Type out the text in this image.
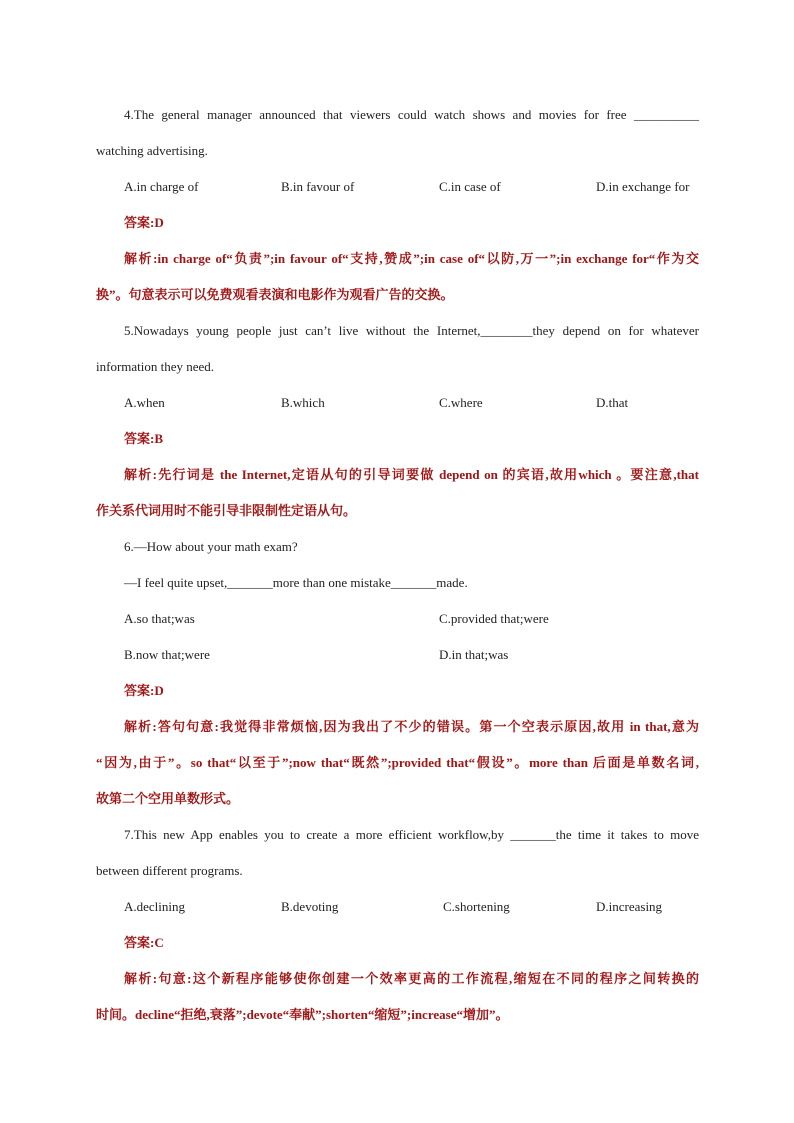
4.The general manager announced that viewers could watch shows and movies for free __________
watching advertising.
A.in charge of	B.in favour of	C.in case of	D.in exchange for
答案:D
解析:in charge of“负责”;in favour of“支持,赞成”;in case of“以防,万一”;in exchange for“作为交
换”。句意表示可以免费观看表演和电影作为观看广告的交换。
5.Nowadays young people just can’t live without the Internet,________they depend on for whatever
information they need.
A.when	B.which	C.where	D.that
答案:B
解析:先行词是 the Internet,定语从句的引导词要做 depend on 的宾语,故用which 。要注意,that
作关系代词用时不能引导非限制性定语从句。
6.—How about your math exam?
—I feel quite upset,_______more than one mistake_______made.
A.so that;was	C.provided that;were
B.now that;were	D.in that;was
答案:D
解析:答句句意:我觉得非常烦恼,因为我出了不少的错误。第一个空表示原因,故用 in that,意为
“因为,由于”。so that“以至于”;now that“既然”;provided that“假设”。more than 后面是单数名词,
故第二个空用单数形式。
7.This new App enables you to create a more efficient workflow,by _______the time it takes to move
between different programs.
A.declining	B.devoting	C.shortening	D.increasing
答案:C
解析:句意:这个新程序能够使你创建一个效率更高的工作流程,缩短在不同的程序之间转换的
时间。decline“拒绝,衰落”;devote“奉献”;shorten“缩短”;increase“增加”。
